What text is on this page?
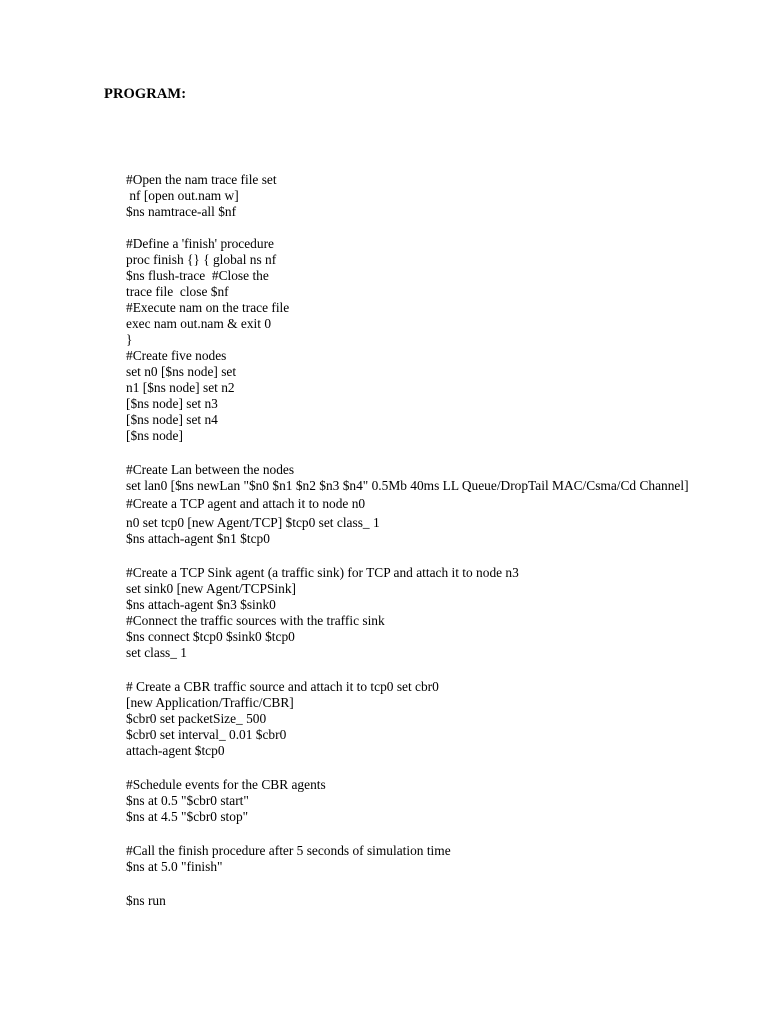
PROGRAM:
#Open the nam trace file set
nf [open out.nam w]
$ns namtrace-all $nf
#Define a 'finish' procedure
proc finish {} { global ns nf
$ns flush-trace  #Close the
trace file  close $nf
#Execute nam on the trace file
exec nam out.nam & exit 0
}
#Create five nodes
set n0 [$ns node] set
n1 [$ns node] set n2
[$ns node] set n3
[$ns node] set n4
[$ns node]
#Create Lan between the nodes
set lan0 [$ns newLan "$n0 $n1 $n2 $n3 $n4" 0.5Mb 40ms LL Queue/DropTail MAC/Csma/Cd Channel]
#Create a TCP agent and attach it to node n0
n0 set tcp0 [new Agent/TCP] $tcp0 set class_ 1
$ns attach-agent $n1 $tcp0
#Create a TCP Sink agent (a traffic sink) for TCP and attach it to node n3
set sink0 [new Agent/TCPSink]
$ns attach-agent $n3 $sink0
#Connect the traffic sources with the traffic sink
$ns connect $tcp0 $sink0 $tcp0
set class_ 1
# Create a CBR traffic source and attach it to tcp0 set cbr0
[new Application/Traffic/CBR]
$cbr0 set packetSize_ 500
$cbr0 set interval_ 0.01 $cbr0
attach-agent $tcp0
#Schedule events for the CBR agents
$ns at 0.5 "$cbr0 start"
$ns at 4.5 "$cbr0 stop"
#Call the finish procedure after 5 seconds of simulation time
$ns at 5.0 "finish"
$ns run
